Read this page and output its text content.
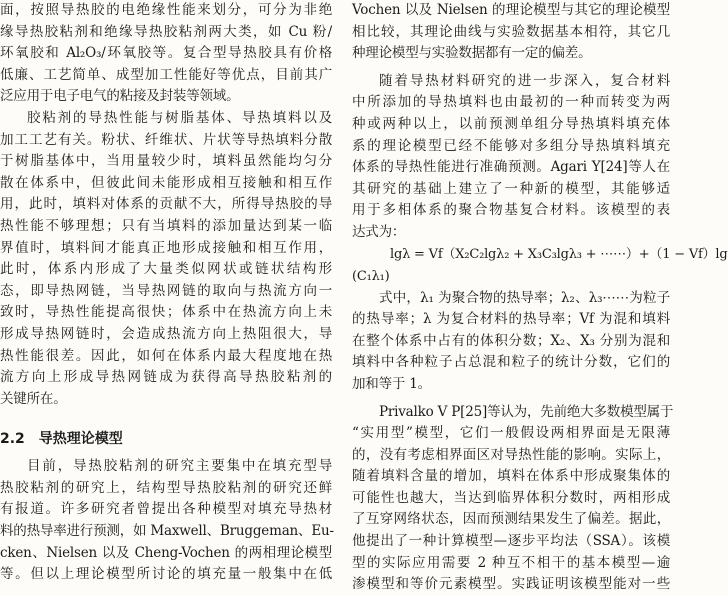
面，按照导热胶的电绝缘性能来划分，可分为非绝
缘导热胶粘剂和绝缘导热胶粘剂两大类，如 Cu 粉/
环氧胶和 Al₂O₃/环氧胶等。复合型导热胶具有价格
低廉、工艺简单、成型加工性能好等优点，目前其广
泛应用于电子电气的粘接及封装等领域。
胶粘剂的导热性能与树脂基体、导热填料以及
加工工艺有关。粉状、纤维状、片状等导热填料分散
于树脂基体中，当用量较少时，填料虽然能均匀分
散在体系中，但彼此间未能形成相互接触和相互作
用，此时，填料对体系的贡献不大，所得导热胶的导
热性能不够理想；只有当填料的添加量达到某一临
界值时，填料间才能真正地形成接触和相互作用，
此时，体系内形成了大量类似网状或链状结构形
态，即导热网链，当导热网链的取向与热流方向一
致时，导热性能提高很快；体系中在热流方向上未
形成导热网链时，会造成热流方向上热阻很大，导
热性能很差。因此，如何在体系内最大程度地在热
流方向上形成导热网链成为获得高导热胶粘剂的
关键所在。
2.2　导热理论模型
目前，导热胶粘剂的研究主要集中在填充型导
热胶粘剂的研究上，结构型导热胶粘剂的研究还鲜
有报道。许多研究者曾提出各种模型对填充导热材
料的热导率进行预测，如 Maxwell、Bruggeman、Eu-
cken、Nielsen 以及 Cheng-Vochen 的两相理论模型
等。但以上理论模型所讨论的填充量一般集中在低
Vochen 以及 Nielsen 的理论模型与其它的理论模型
相比较，其理论曲线与实验数据基本相符，其它几
种理论模型与实验数据都有一定的偏差。
随着导热材料研究的进一步深入，复合材料
中所添加的导热填料也由最初的一种而转变为两
种或两种以上，以前预测单组分导热填料填充体
系的理论模型已经不能够对多组分导热填料填充
体系的导热性能进行准确预测。Agari Y[24]等人在
其研究的基础上建立了一种新的模型，其能够适
用于多相体系的聚合物基复合材料。该模型的表
达式为：
lgλ = Vf（X₂C₂lgλ₂ + X₃C₃lgλ₃ + ⋯⋯）+（1 − Vf）lg
(C₁λ₁)
式中，λ₁ 为聚合物的热导率；λ₂、λ₃⋯⋯为粒子
的热导率；λ 为复合材料的热导率；Vf 为混和填料
在整个体系中占有的体积分数；X₂、X₃ 分别为混和
填料中各种粒子占总混和粒子的统计分数，它们的
加和等于 1。
Privalko V P[25]等认为，先前绝大多数模型属于
“实用型”模型，它们一般假设两相界面是无限薄
的，没有考虑相界面区对导热性能的影响。实际上，
随着填料含量的增加，填料在体系中形成聚集体的
可能性也越大，当达到临界体积分数时，两相形成
了互穿网络状态，因而预测结果发生了偏差。据此，
他提出了一种计算模型—逐步平均法（SSA）。该模
型的实际应用需要 2 种互不相干的基本模型—逾
渗模型和等价元素模型。实践证明该模型能对一些
